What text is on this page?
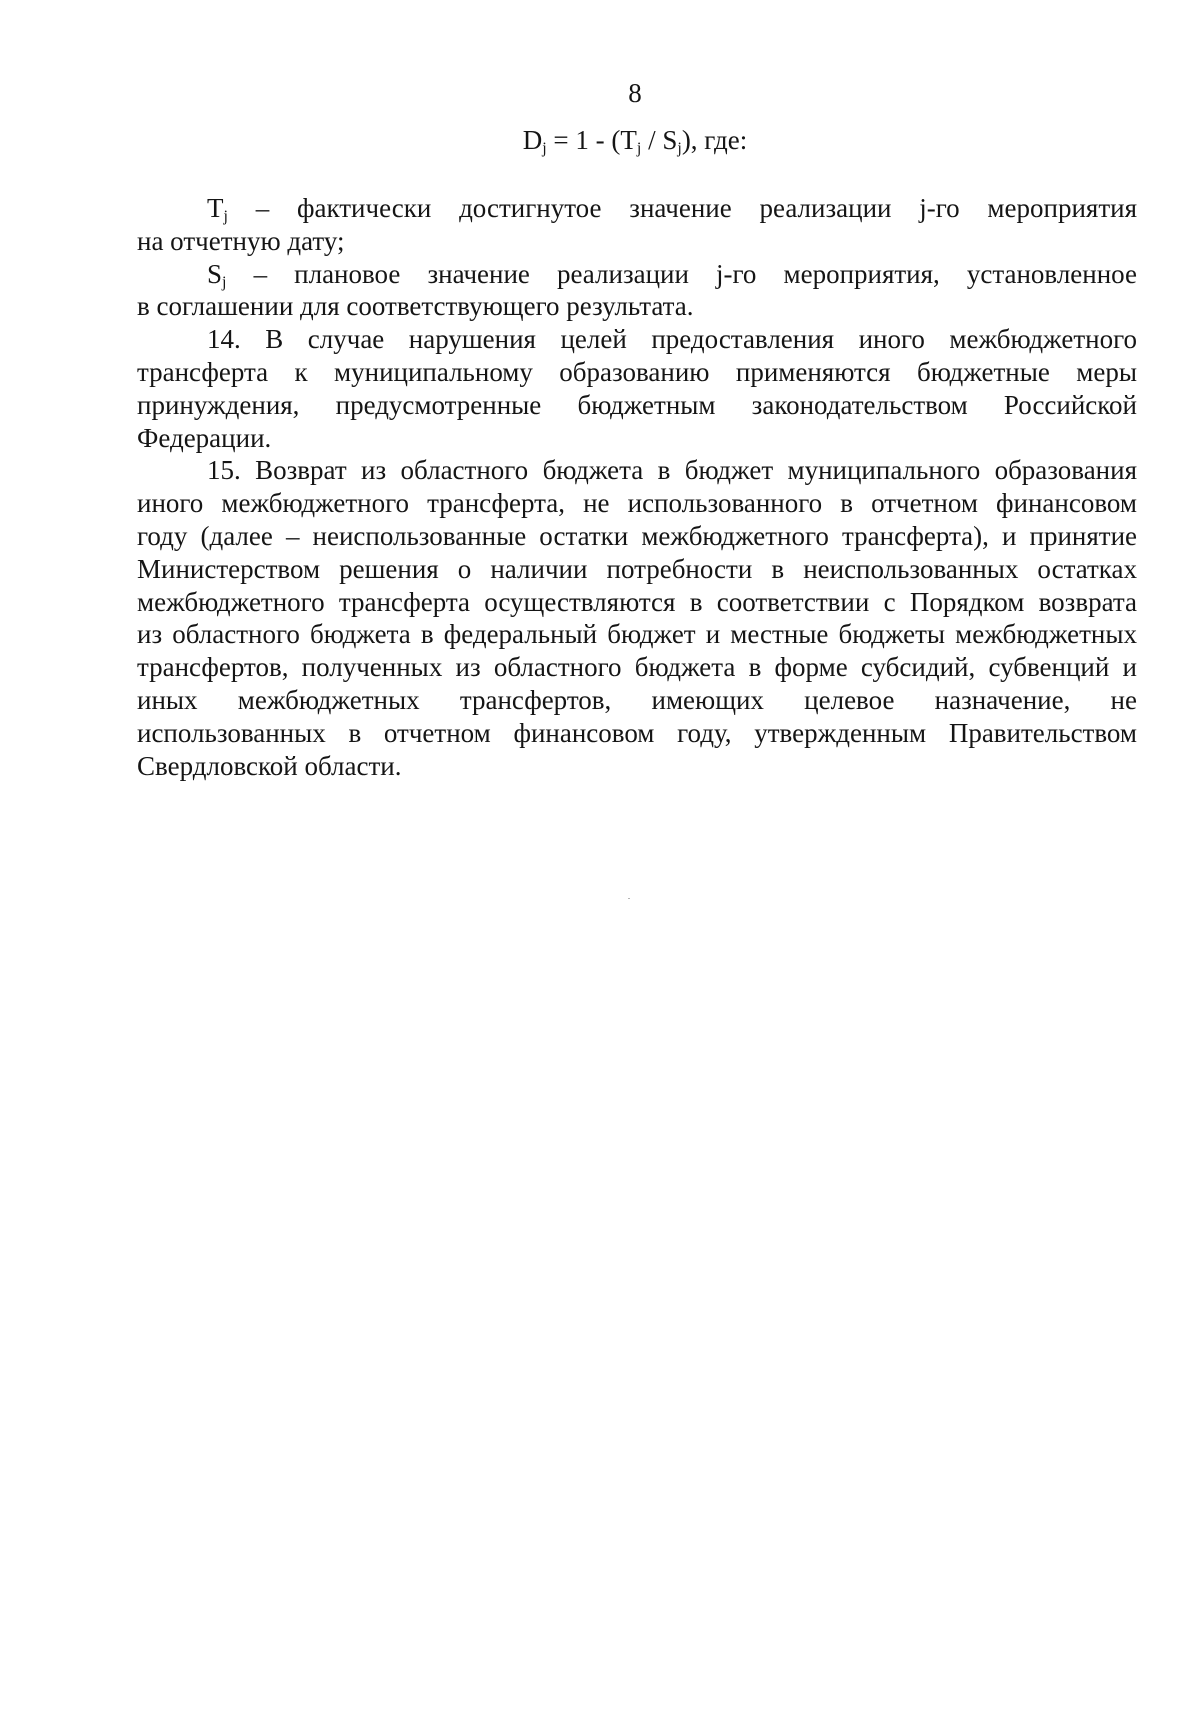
8
$D_j = 1 - (T_j / S_j)$, где:
$T_j$ – фактически достигнутое значение реализации j-го мероприятия
на отчетную дату;
$S_j$ – плановое значение реализации j-го мероприятия, установленное
в соглашении для соответствующего результата.
14. В случае нарушения целей предоставления иного межбюджетного
трансферта к муниципальному образованию применяются бюджетные меры
принуждения, предусмотренные бюджетным законодательством Российской
Федерации.
15. Возврат из областного бюджета в бюджет муниципального образования
иного межбюджетного трансферта, не использованного в отчетном финансовом
году (далее – неиспользованные остатки межбюджетного трансферта), и принятие
Министерством решения о наличии потребности в неиспользованных остатках
межбюджетного трансферта осуществляются в соответствии с Порядком возврата
из областного бюджета в федеральный бюджет и местные бюджеты межбюджетных
трансфертов, полученных из областного бюджета в форме субсидий, субвенций и
иных межбюджетных трансфертов, имеющих целевое назначение, не
использованных в отчетном финансовом году, утвержденным Правительством
Свердловской области.
